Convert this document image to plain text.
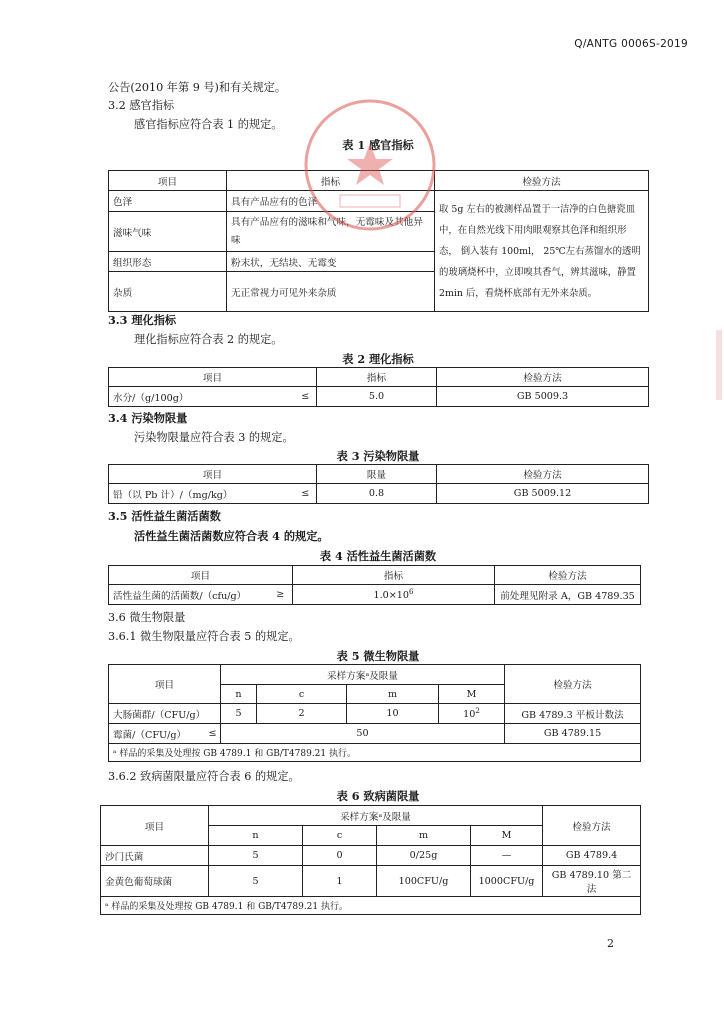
Q/ANTG 0006S-2019
公告(2010 年第 9 号)和有关规定。
3.2 感官指标
感官指标应符合表 1 的规定。
表 1 感官指标
项目	指标	检验方法
色泽	具有产品应有的色泽	取 5g 左右的被测样品置于一洁净的白色搪瓷皿中，在自然光线下用肉眼观察其色泽和组织形态， 倒入装有 100ml， 25℃左右蒸馏水的透明的玻璃烧杯中，立即嗅其香气，辨其滋味，静置 2min 后，看烧杯底部有无外来杂质。
滋味气味	具有产品应有的滋味和气味，无霉味及其他异味	
组织形态	粉末状，无结块、无霉变	
杂质	无正常视力可见外来杂质	
3.3 理化指标
理化指标应符合表 2 的规定。
表 2 理化指标
项目		指标	检验方法
水分/（g/100g）	≤	5.0	GB 5009.3
3.4 污染物限量
污染物限量应符合表 3 的规定。
表 3 污染物限量
项目		限量	检验方法
铅（以 Pb 计）/（mg/kg）	≤	0.8	GB 5009.12
3.5 活性益生菌活菌数
活性益生菌活菌数应符合表 4 的规定。
表 4 活性益生菌活菌数
项目		指标	检验方法
活性益生菌的活菌数/（cfu/g）	≥	$1.0\times 10^6$	前处理见附录 A，GB 4789.35
3.6 微生物限量
3.6.1 微生物限量应符合表 5 的规定。
表 5 微生物限量
项目		采样方案ᵃ及限量				检验方法
		n	c	m	M	
大肠菌群/（CFU/g）		5	2	10	$10^2$	GB 4789.3 平板计数法
霉菌/（CFU/g）	≤	50				GB 4789.15
ᵃ 样品的采集及处理按 GB 4789.1 和 GB/T4789.21 执行。						
3.6.2 致病菌限量应符合表 6 的规定。
表 6 致病菌限量
项目	采样方案ᵃ及限量				检验方法
	n	c	m	M	
沙门氏菌	5	0	0/25g	—	GB 4789.4
金黄色葡萄球菌	5	1	100CFU/g	1000CFU/g	GB 4789.10 第二法
ᵃ 样品的采集及处理按 GB 4789.1 和 GB/T4789.21 执行。					
2
